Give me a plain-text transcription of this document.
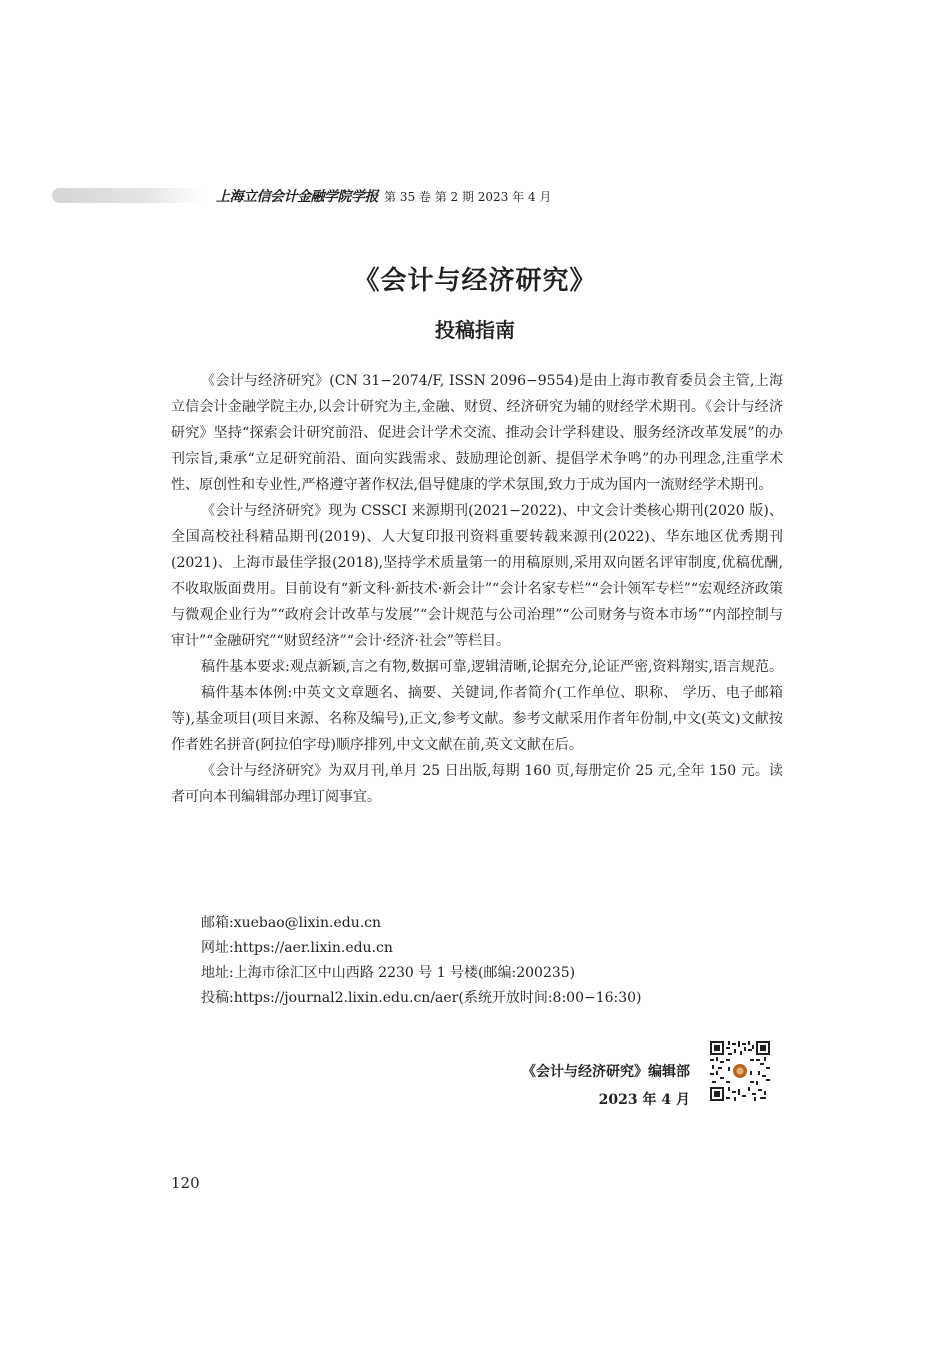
上海立信会计金融学院学报 第 35 卷 第 2 期 2023 年 4 月
《会计与经济研究》
投稿指南

《会计与经济研究》(CN 31−2074/F, ISSN 2096−9554)是由上海市教育委员会主管,上海立信会计金融学院主办,以会计研究为主,金融、财贸、经济研究为辅的财经学术期刊。《会计与经济研究》坚持“探索会计研究前沿、促进会计学术交流、推动会计学科建设、服务经济改革发展”的办刊宗旨,秉承“立足研究前沿、面向实践需求、鼓励理论创新、提倡学术争鸣”的办刊理念,注重学术性、原创性和专业性,严格遵守著作权法,倡导健康的学术氛围,致力于成为国内一流财经学术期刊。

《会计与经济研究》现为 CSSCI 来源期刊(2021−2022)、中文会计类核心期刊(2020 版)、全国高校社科精品期刊(2019)、人大复印报刊资料重要转载来源刊(2022)、华东地区优秀期刊(2021)、上海市最佳学报(2018),坚持学术质量第一的用稿原则,采用双向匿名评审制度,优稿优酬,不收取版面费用。目前设有“新文科·新技术·新会计”“会计名家专栏”“会计领军专栏”“宏观经济政策与微观企业行为”“政府会计改革与发展”“会计规范与公司治理”“公司财务与资本市场”“内部控制与审计”“金融研究”“财贸经济”“会计·经济·社会”等栏目。

稿件基本要求:观点新颖,言之有物,数据可靠,逻辑清晰,论据充分,论证严密,资料翔实,语言规范。

稿件基本体例:中英文文章题名、摘要、关键词,作者简介(工作单位、职称、 学历、电子邮箱等),基金项目(项目来源、名称及编号),正文,参考文献。参考文献采用作者年份制,中文(英文)文献按作者姓名拼音(阿拉伯字母)顺序排列,中文文献在前,英文文献在后。

《会计与经济研究》为双月刊,单月 25 日出版,每期 160 页,每册定价 25 元,全年 150 元。读者可向本刊编辑部办理订阅事宜。

邮箱:xuebao@lixin.edu.cn
网址:https://aer.lixin.edu.cn
地址:上海市徐汇区中山西路 2230 号 1 号楼(邮编:200235)
投稿:https://journal2.lixin.edu.cn/aer(系统开放时间:8:00−16:30)
《会计与经济研究》编辑部
2023 年 4 月
120
